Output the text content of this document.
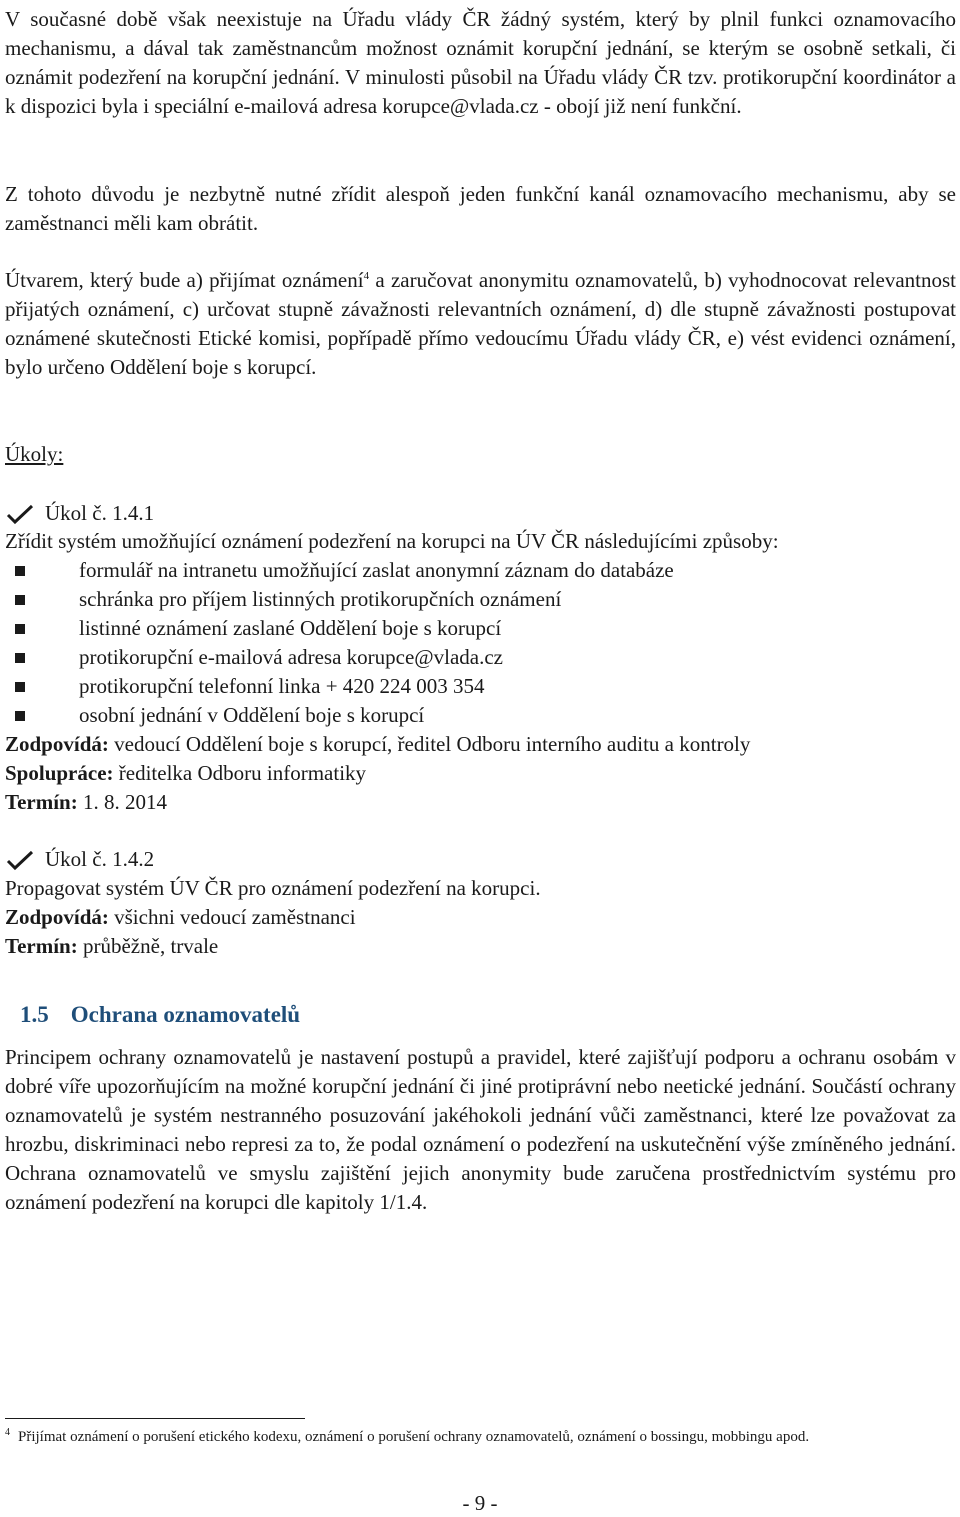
V současné době však neexistuje na Úřadu vlády ČR žádný systém, který by plnil funkci oznamovacího mechanismu, a dával tak zaměstnancům možnost oznámit korupční jednání, se kterým se osobně setkali, či oznámit podezření na korupční jednání. V minulosti působil na Úřadu vlády ČR tzv. protikorupční koordinátor a k dispozici byla i speciální e-mailová adresa korupce@vlada.cz - obojí již není funkční.

Z tohoto důvodu je nezbytně nutné zřídit alespoň jeden funkční kanál oznamovacího mechanismu, aby se zaměstnanci měli kam obrátit.

Útvarem, který bude a) přijímat oznámení$^4$ a zaručovat anonymitu oznamovatelů, b) vyhodnocovat relevantnost přijatých oznámení, c) určovat stupně závažnosti relevantních oznámení, d) dle stupně závažnosti postupovat oznámené skutečnosti Etické komisi, popřípadě přímo vedoucímu Úřadu vlády ČR, e) vést evidenci oznámení, bylo určeno Oddělení boje s korupcí.

Úkoly:

Úkol č. 1.4.1

Zřídit systém umožňující oznámení podezření na korupci na ÚV ČR následujícími způsoby:

formulář na intranetu umožňující zaslat anonymní záznam do databáze
schránka pro příjem listinných protikorupčních oznámení
listinné oznámení zaslané Oddělení boje s korupcí
protikorupční e-mailová adresa korupce@vlada.cz
protikorupční telefonní linka + 420 224 003 354
osobní jednání v Oddělení boje s korupcí

Zodpovídá: vedoucí Oddělení boje s korupcí, ředitel Odboru interního auditu a kontroly

Spolupráce: ředitelka Odboru informatiky

Termín: 1. 8. 2014

Úkol č. 1.4.2

Propagovat systém ÚV ČR pro oznámení podezření na korupci.

Zodpovídá: všichni vedoucí zaměstnanci

Termín: průběžně, trvale

1.5 Ochrana oznamovatelů

Principem ochrany oznamovatelů je nastavení postupů a pravidel, které zajišťují podporu a ochranu osobám v dobré víře upozorňujícím na možné korupční jednání či jiné protiprávní nebo neetické jednání. Součástí ochrany oznamovatelů je systém nestranného posuzování jakéhokoli jednání vůči zaměstnanci, které lze považovat za hrozbu, diskriminaci nebo represi za to, že podal oznámení o podezření na uskutečnění výše zmíněného jednání. Ochrana oznamovatelů ve smyslu zajištění jejich anonymity bude zaručena prostřednictvím systému pro oznámení podezření na korupci dle kapitoly 1/1.4.

$^4$ Přijímat oznámení o porušení etického kodexu, oznámení o porušení ochrany oznamovatelů, oznámení o bossingu, mobbingu apod.

- 9 -
